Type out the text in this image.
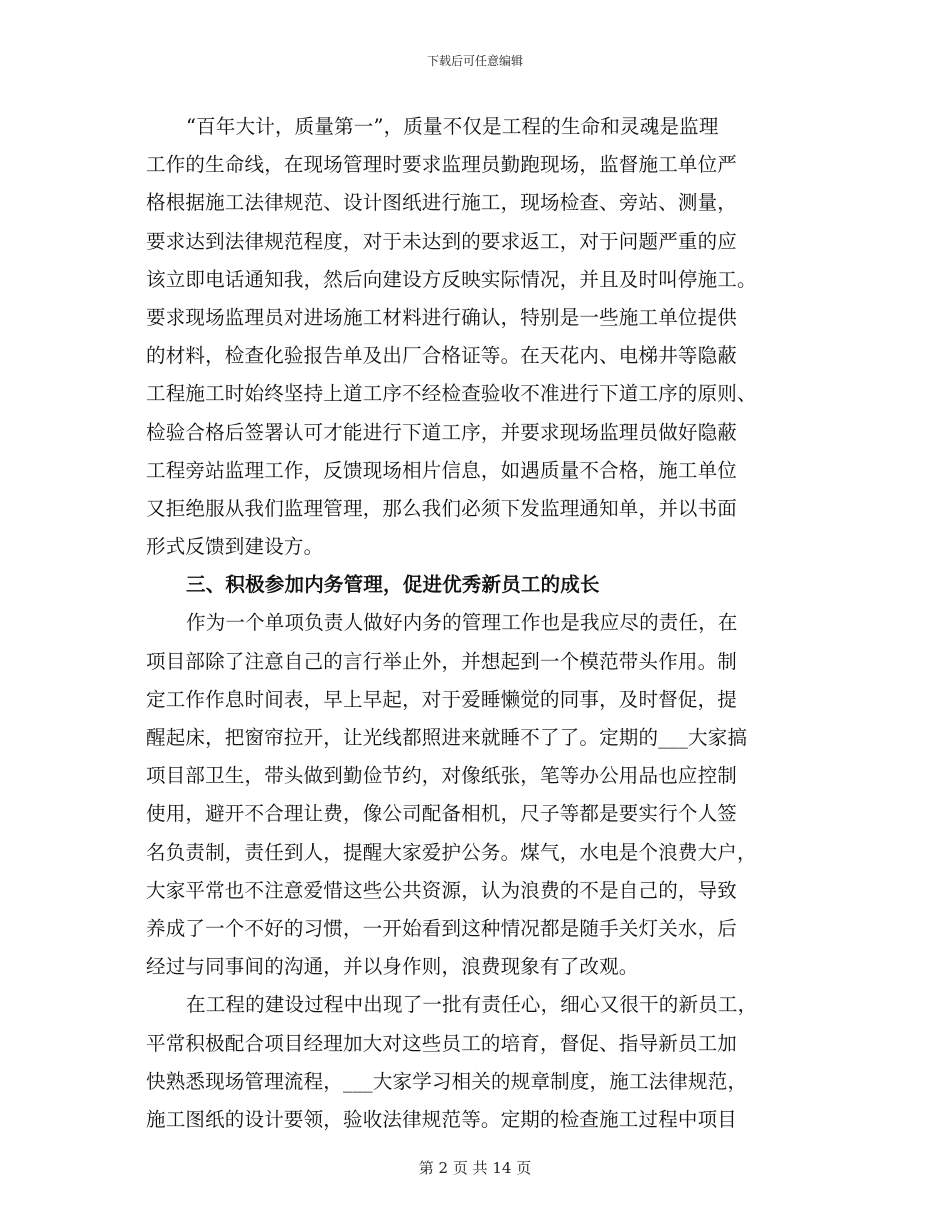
下载后可任意编辑
“百年大计，质量第一”，质量不仅是工程的生命和灵魂是监理
工作的生命线，在现场管理时要求监理员勤跑现场，监督施工单位严
格根据施工法律规范、设计图纸进行施工，现场检查、旁站、测量，
要求达到法律规范程度，对于未达到的要求返工，对于问题严重的应
该立即电话通知我，然后向建设方反映实际情况，并且及时叫停施工。
要求现场监理员对进场施工材料进行确认，特别是一些施工单位提供
的材料，检查化验报告单及出厂合格证等。在天花内、电梯井等隐蔽
工程施工时始终坚持上道工序不经检查验收不准进行下道工序的原则、
检验合格后签署认可才能进行下道工序，并要求现场监理员做好隐蔽
工程旁站监理工作，反馈现场相片信息，如遇质量不合格，施工单位
又拒绝服从我们监理管理，那么我们必须下发监理通知单，并以书面
形式反馈到建设方。
三、积极参加内务管理，促进优秀新员工的成长
作为一个单项负责人做好内务的管理工作也是我应尽的责任，在
项目部除了注意自己的言行举止外，并想起到一个模范带头作用。制
定工作作息时间表，早上早起，对于爱睡懒觉的同事，及时督促，提
醒起床，把窗帘拉开，让光线都照进来就睡不了了。定期的___大家搞
项目部卫生，带头做到勤俭节约，对像纸张，笔等办公用品也应控制
使用，避开不合理让费，像公司配备相机，尺子等都是要实行个人签
名负责制，责任到人，提醒大家爱护公务。煤气，水电是个浪费大户，
大家平常也不注意爱惜这些公共资源，认为浪费的不是自己的，导致
养成了一个不好的习惯，一开始看到这种情况都是随手关灯关水，后
经过与同事间的沟通，并以身作则，浪费现象有了改观。
在工程的建设过程中出现了一批有责任心，细心又很干的新员工，
平常积极配合项目经理加大对这些员工的培育，督促、指导新员工加
快熟悉现场管理流程，___大家学习相关的规章制度，施工法律规范，
施工图纸的设计要领，验收法律规范等。定期的检查施工过程中项目
第 2 页 共 14 页
